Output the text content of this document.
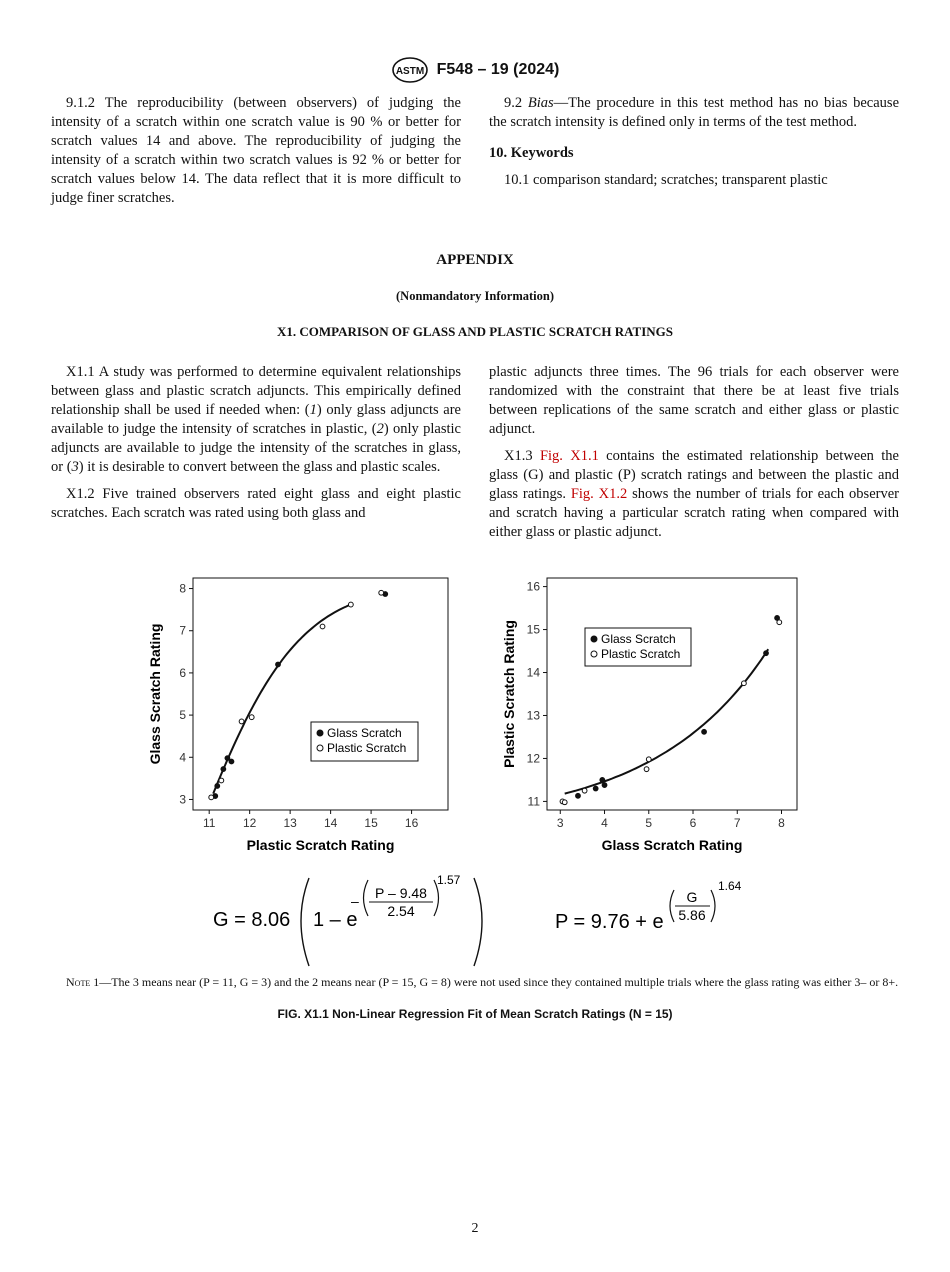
ASTM F548 – 19 (2024)

9.1.2 The reproducibility (between observers) of judging the intensity of a scratch within one scratch value is 90 % or better for scratch values 14 and above. The reproducibility of judging the intensity of a scratch within two scratch values is 92 % or better for scratch values below 14. The data reflect that it is more difficult to judge finer scratches.

9.2 Bias—The procedure in this test method has no bias because the scratch intensity is defined only in terms of the test method.

10. Keywords

10.1 comparison standard; scratches; transparent plastic

APPENDIX
(Nonmandatory Information)
X1. COMPARISON OF GLASS AND PLASTIC SCRATCH RATINGS

X1.1 A study was performed to determine equivalent relationships between glass and plastic scratch adjuncts. This empirically defined relationship shall be used if needed when: (1) only glass adjuncts are available to judge the intensity of scratches in plastic, (2) only plastic adjuncts are available to judge the intensity of the scratches in glass, or (3) it is desirable to convert between the glass and plastic scales.

X1.2 Five trained observers rated eight glass and eight plastic scratches. Each scratch was rated using both glass and

plastic adjuncts three times. The 96 trials for each observer were randomized with the constraint that there be at least five trials between replications of the same scratch and either glass or plastic adjunct.

X1.3 Fig. X1.1 contains the estimated relationship between the glass (G) and plastic (P) scratch ratings and between the plastic and glass ratings. Fig. X1.2 shows the number of trials for each observer and scratch having a particular scratch rating when compared with either glass or plastic adjunct.

11 12 13 14 15 16
3
4
5
6
7
8
Plastic Scratch Rating
Glass Scratch Rating	Glass Scratch
Plastic Scratch
3	4	5	6	7	8
11
12
13
14
15
16
Glass Scratch Rating
Plastic Scratch Rating	Glass Scratch
Plastic Scratch
G = 8.06 1 – e
– P – 9.48
2.54
1.57
P = 9.76 + e
G
5.86
1.64
Note 1—The 3 means near (P = 11, G = 3) and the 2 means near (P = 15, G = 8) were not used since they contained multiple trials where the glass rating was either 3– or 8+.
FIG. X1.1 Non-Linear Regression Fit of Mean Scratch Ratings (N = 15)
2
